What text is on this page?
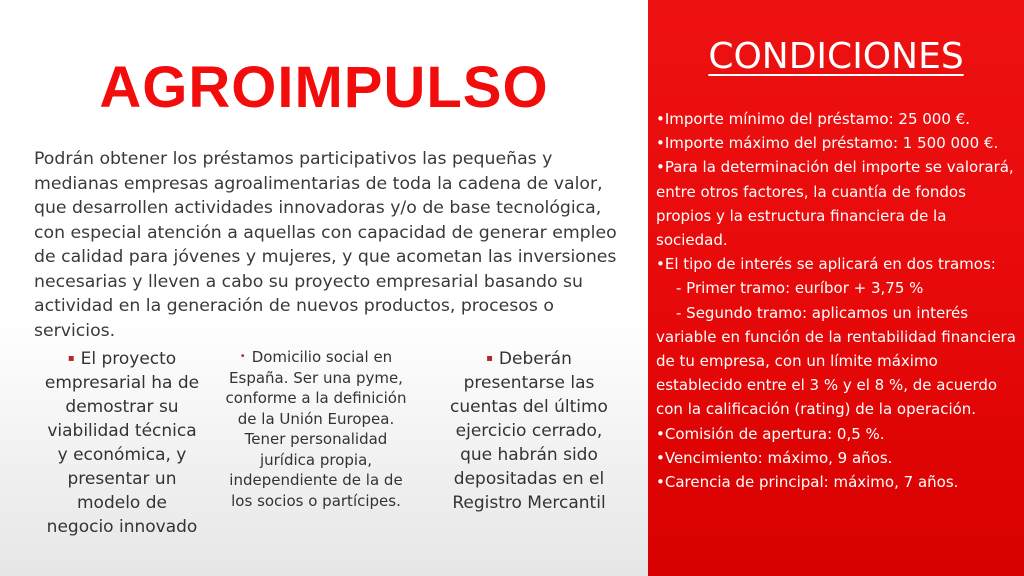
AGROIMPULSO
Podrán obtener los préstamos participativos las pequeñas y medianas empresas agroalimentarias de toda la cadena de valor, que desarrollen actividades innovadoras y/o de base tecnológica, con especial atención a aquellas con capacidad de generar empleo de calidad para jóvenes y mujeres, y que acometan las inversiones necesarias y lleven a cabo su proyecto empresarial basando su actividad en la generación de nuevos productos, procesos o servicios.
▪ El proyecto empresarial ha de demostrar su viabilidad técnica y económica, y presentar un modelo de negocio innovado
• Domicilio social en España. Ser una pyme, conforme a la definición de la Unión Europea. Tener personalidad jurídica propia, independiente de la de los socios o partícipes.
▪ Deberán presentarse las cuentas del último ejercicio cerrado, que habrán sido depositadas en el Registro Mercantil
CONDICIONES
•Importe mínimo del préstamo: 25 000 €.
•Importe máximo del préstamo: 1 500 000 €.
•Para la determinación del importe se valorará, entre otros factores, la cuantía de fondos propios y la estructura financiera de la sociedad.
•El tipo de interés se aplicará en dos tramos:
- Primer tramo: euríbor + 3,75 %
- Segundo tramo: aplicamos un interés variable en función de la rentabilidad financiera de tu empresa, con un límite máximo establecido entre el 3 % y el 8 %, de acuerdo con la calificación (rating) de la operación.
•Comisión de apertura: 0,5 %.
•Vencimiento: máximo, 9 años.
•Carencia de principal: máximo, 7 años.
